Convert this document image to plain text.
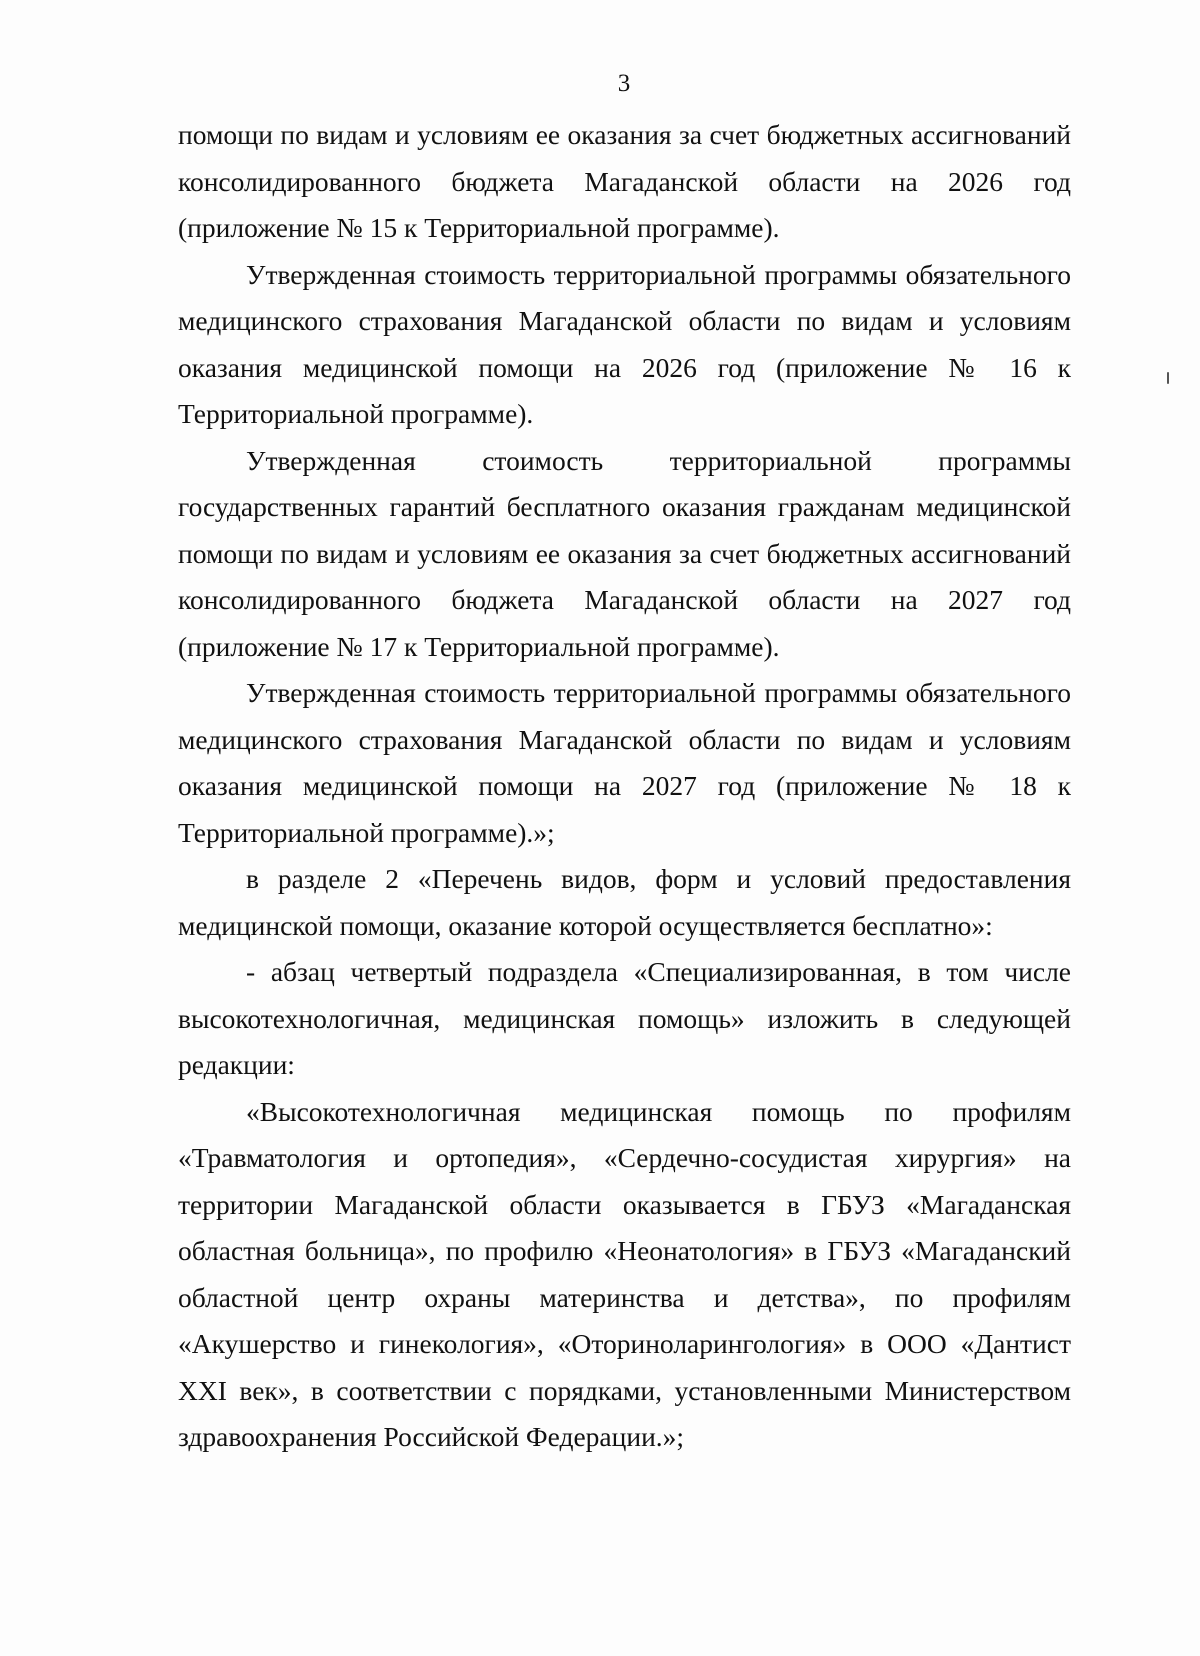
3

помощи по видам и условиям ее оказания за счет бюджетных ассигнований консолидированного бюджета Магаданской области на 2026 год (приложение № 15 к Территориальной программе).

Утвержденная стоимость территориальной программы обязательного медицинского страхования Магаданской области по видам и условиям оказания медицинской помощи на 2026 год (приложение № 16 к Территориальной программе).

Утвержденная стоимость территориальной программы государственных гарантий бесплатного оказания гражданам медицинской помощи по видам и условиям ее оказания за счет бюджетных ассигнований консолидированного бюджета Магаданской области на 2027 год (приложение № 17 к Территориальной программе).

Утвержденная стоимость территориальной программы обязательного медицинского страхования Магаданской области по видам и условиям оказания медицинской помощи на 2027 год (приложение № 18 к Территориальной программе).»;

в разделе 2 «Перечень видов, форм и условий предоставления медицинской помощи, оказание которой осуществляется бесплатно»:

- абзац четвертый подраздела «Специализированная, в том числе высокотехнологичная, медицинская помощь» изложить в следующей редакции:

«Высокотехнологичная медицинская помощь по профилям «Травматология и ортопедия», «Сердечно-сосудистая хирургия» на территории Магаданской области оказывается в ГБУЗ «Магаданская областная больница», по профилю «Неонатология» в ГБУЗ «Магаданский областной центр охраны материнства и детства», по профилям «Акушерство и гинекология», «Оториноларингология» в ООО «Дантист XXI век», в соответствии с порядками, установленными Министерством здравоохранения Российской Федерации.»;
